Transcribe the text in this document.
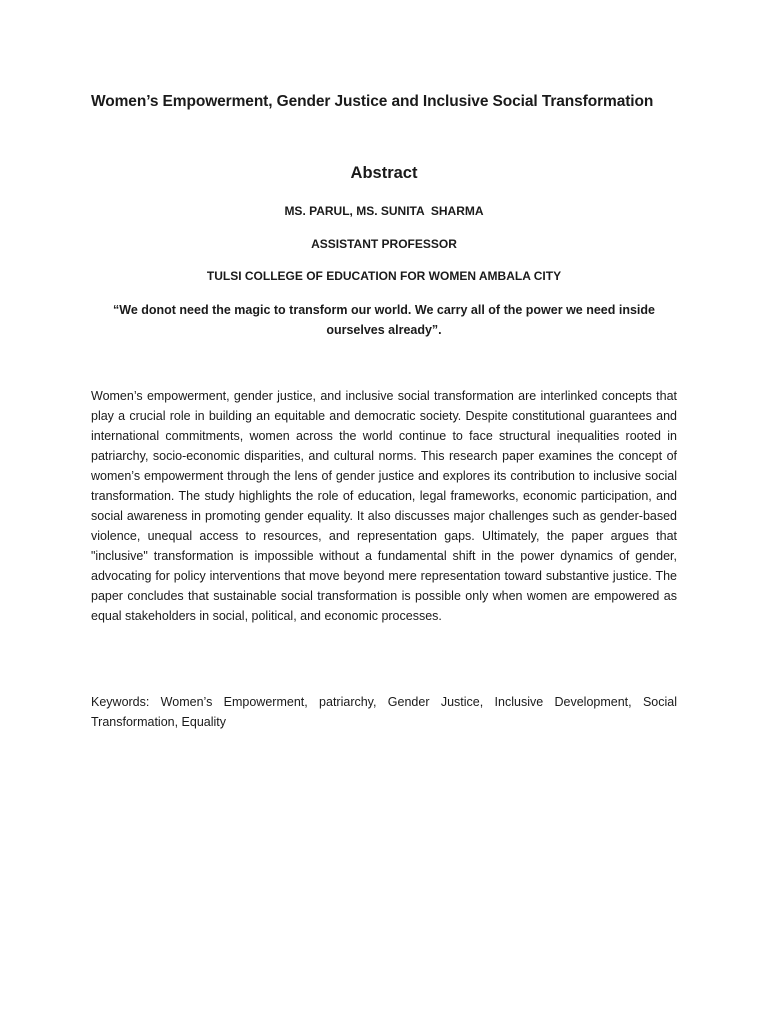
Women’s Empowerment, Gender Justice and Inclusive Social Transformation
Abstract
MS. PARUL, MS. SUNITA  SHARMA
ASSISTANT PROFESSOR
TULSI COLLEGE OF EDUCATION FOR WOMEN AMBALA CITY
“We donot need the magic to transform our world. We carry all of the power we need inside ourselves already”.

Women’s empowerment, gender justice, and inclusive social transformation are interlinked concepts that play a crucial role in building an equitable and democratic society. Despite constitutional guarantees and international commitments, women across the world continue to face structural inequalities rooted in patriarchy, socio-economic disparities, and cultural norms. This research paper examines the concept of women’s empowerment through the lens of gender justice and explores its contribution to inclusive social transformation. The study highlights the role of education, legal frameworks, economic participation, and social awareness in promoting gender equality. It also discusses major challenges such as gender-based violence, unequal access to resources, and representation gaps. Ultimately, the paper argues that "inclusive" transformation is impossible without a fundamental shift in the power dynamics of gender, advocating for policy interventions that move beyond mere representation toward substantive justice. The paper concludes that sustainable social transformation is possible only when women are empowered as equal stakeholders in social, political, and economic processes.

Keywords: Women’s Empowerment, patriarchy, Gender Justice, Inclusive Development, Social Transformation, Equality
